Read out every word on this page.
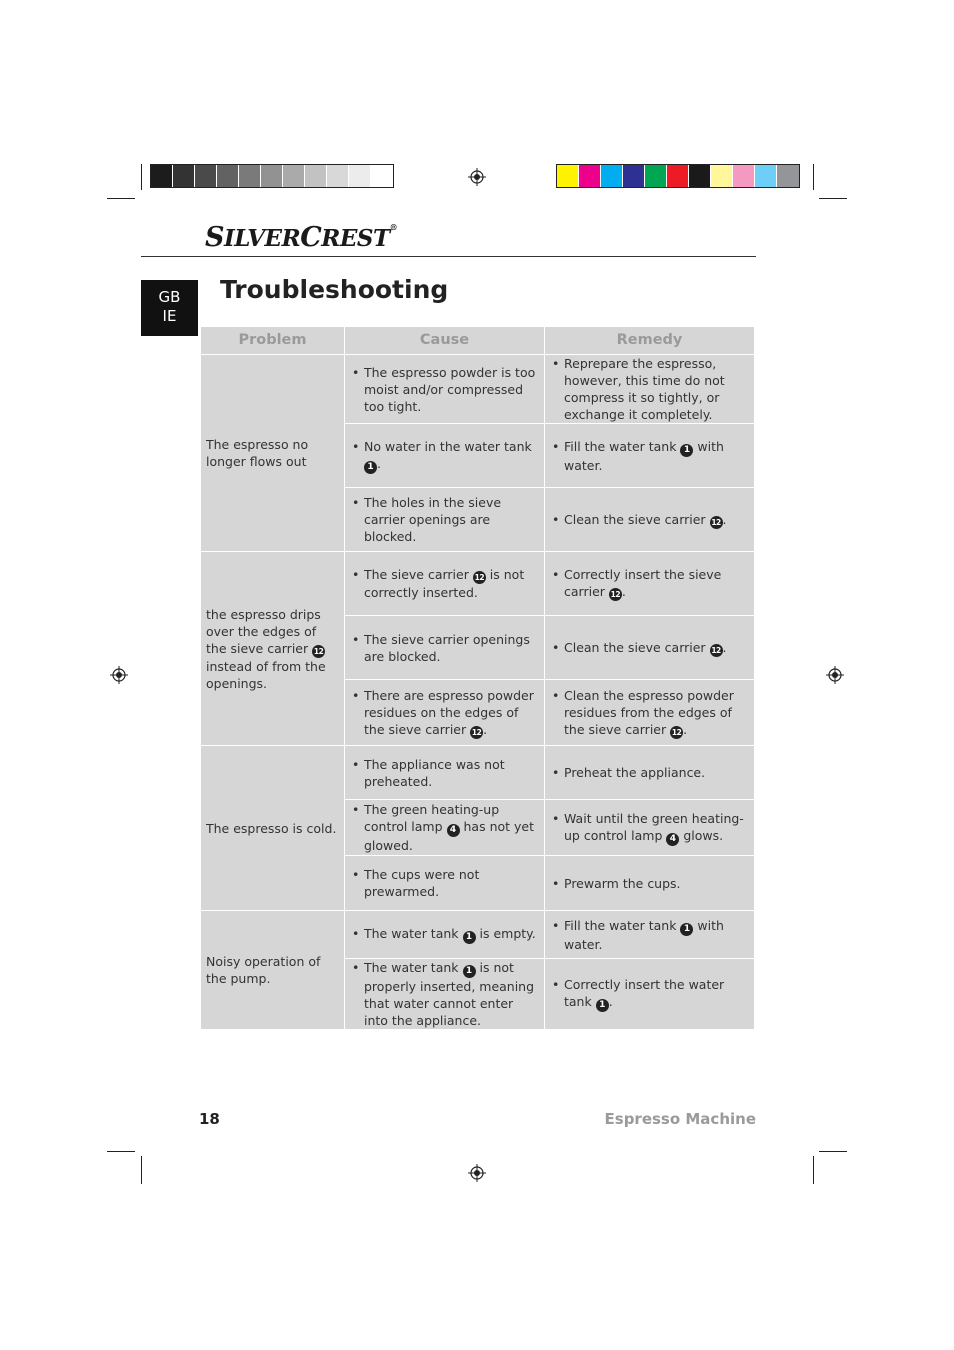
SILVERCREST®
GB
IE
Troubleshooting
Problem	Cause	Remedy
The espresso no longer flows out	• The espresso powder is too moist and/or compressed too tight.	• Reprepare the espresso, however, this time do not compress it so tightly, or exchange it completely.

	• No water in the water tank 1 .	• Fill the water tank 1 with water.

	• The holes in the sieve carrier openings are blocked.	• Clean the sieve carrier 12 .

the espresso drips over the edges of the sieve carrier 12 instead of from the openings.	• The sieve carrier 12 is not correctly inserted.	• Correctly insert the sieve carrier 12 .

	• The sieve carrier openings are blocked.	• Clean the sieve carrier 12 .

	• There are espresso powder residues on the edges of the sieve carrier 12 .	• Clean the espresso powder residues from the edges of the sieve carrier 12 .

The espresso is cold.	• The appliance was not preheated.	• Preheat the appliance.

	• The green heating-up control lamp 4 has not yet glowed.	• Wait until the green heating-up control lamp 4 glows.

	• The cups were not prewarmed.	• Prewarm the cups.

Noisy operation of the pump.	• The water tank 1 is empty.	• Fill the water tank 1 with water.

	• The water tank 1 is not properly inserted, meaning that water cannot enter into the appliance.	• Correctly insert the water tank 1 .
18	Espresso Machine
